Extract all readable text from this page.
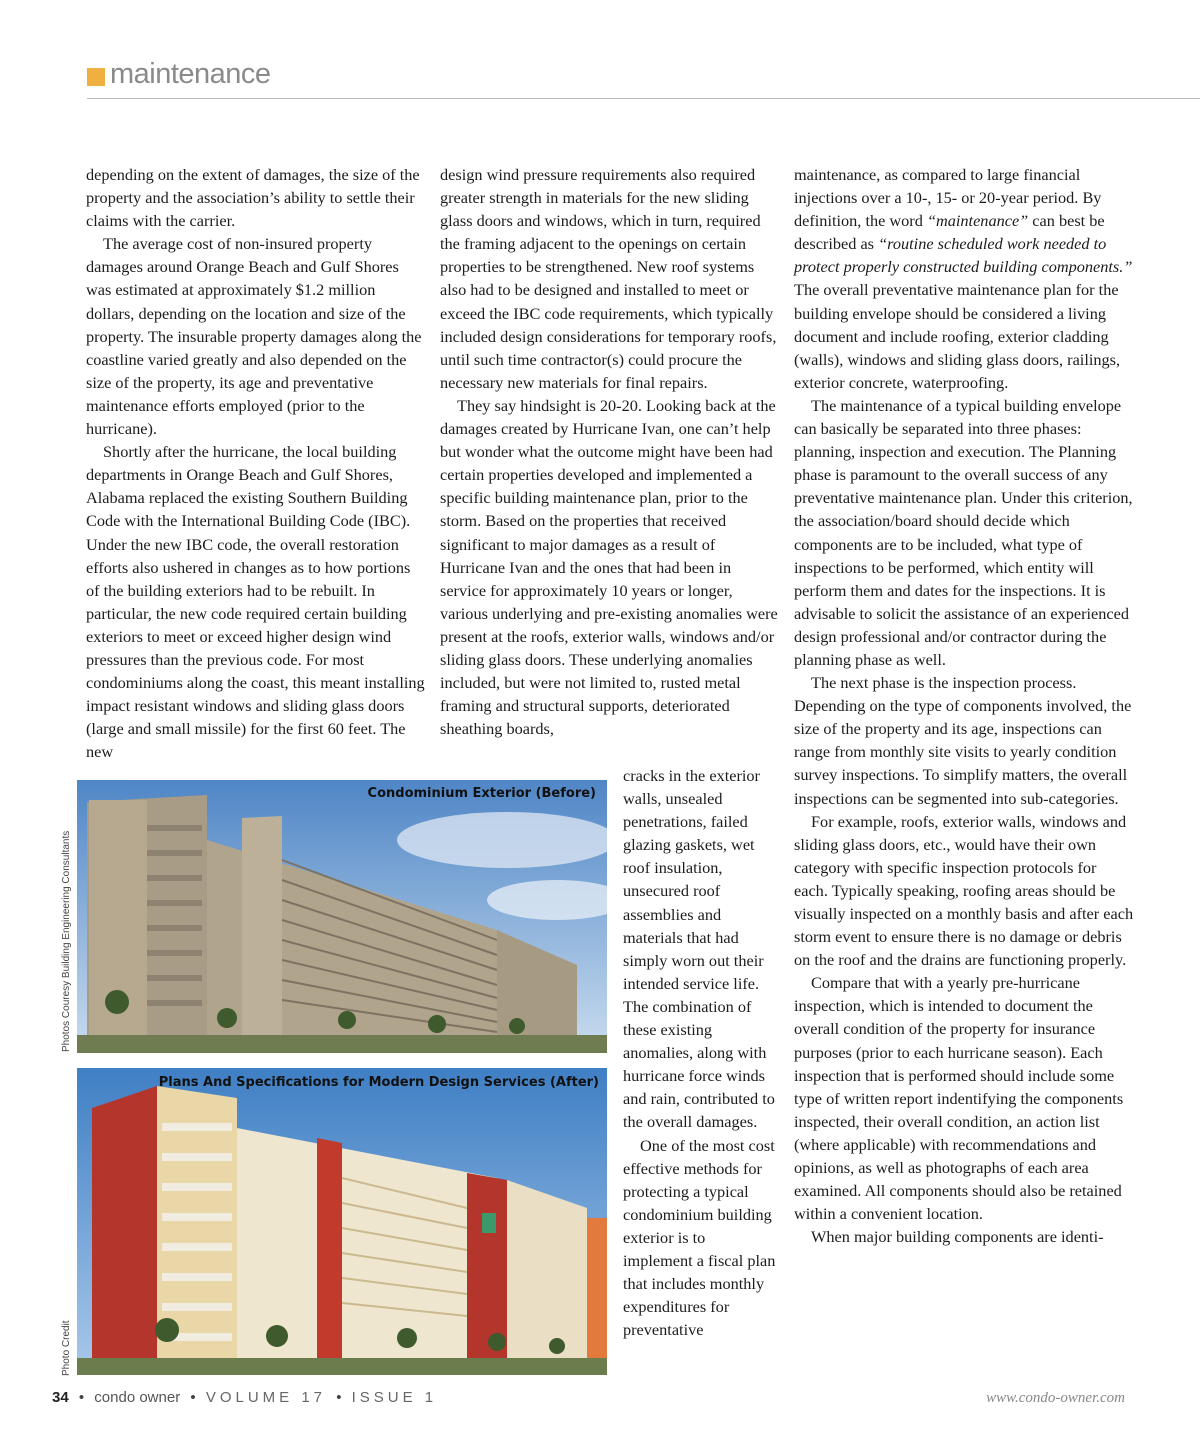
maintenance

depending on the extent of damages, the size of the property and the association’s ability to settle their claims with the carrier.

The average cost of non-insured property damages around Orange Beach and Gulf Shores was estimated at approximately $1.2 million dollars, depending on the location and size of the property. The insurable property damages along the coastline varied greatly and also depended on the size of the property, its age and preventative maintenance efforts employed (prior to the hurricane).

Shortly after the hurricane, the local building departments in Orange Beach and Gulf Shores, Alabama replaced the existing Southern Building Code with the International Building Code (IBC). Under the new IBC code, the overall restoration efforts also ushered in changes as to how portions of the building exteriors had to be rebuilt. In particular, the new code required certain building exteriors to meet or exceed higher design wind pressures than the previous code. For most condominiums along the coast, this meant installing impact resistant windows and sliding glass doors (large and small missile) for the first 60 feet. The new

design wind pressure requirements also required greater strength in materials for the new sliding glass doors and windows, which in turn, required the framing adjacent to the openings on certain properties to be strengthened. New roof systems also had to be designed and installed to meet or exceed the IBC code requirements, which typically included design considerations for temporary roofs, until such time contractor(s) could procure the necessary new materials for final repairs.

They say hindsight is 20-20. Looking back at the damages created by Hurricane Ivan, one can’t help but wonder what the outcome might have been had certain properties developed and implemented a specific building maintenance plan, prior to the storm. Based on the properties that received significant to major damages as a result of Hurricane Ivan and the ones that had been in service for approximately 10 years or longer, various underlying and pre-existing anomalies were present at the roofs, exterior walls, windows and/or sliding glass doors. These underlying anomalies included, but were not limited to, rusted metal framing and structural supports, deteriorated sheathing boards,

cracks in the exterior walls, unsealed penetrations, failed glazing gaskets, wet roof insulation, unsecured roof assemblies and materials that had simply worn out their intended service life. The combination of these existing anomalies, along with hurricane force winds and rain, contributed to the overall damages.

One of the most cost effective methods for protecting a typical condominium building exterior is to implement a fiscal plan that includes monthly expenditures for preventative

maintenance, as compared to large financial injections over a 10-, 15- or 20-year period. By definition, the word “maintenance” can best be described as “routine scheduled work needed to protect properly constructed building components.” The overall preventative maintenance plan for the building envelope should be considered a living document and include roofing, exterior cladding (walls), windows and sliding glass doors, railings, exterior concrete, waterproofing.

The maintenance of a typical building envelope can basically be separated into three phases: planning, inspection and execution. The Planning phase is paramount to the overall success of any preventative maintenance plan. Under this criterion, the association/board should decide which components are to be included, what type of inspections to be performed, which entity will perform them and dates for the inspections. It is advisable to solicit the assistance of an experienced design professional and/or contractor during the planning phase as well.

The next phase is the inspection process. Depending on the type of components involved, the size of the property and its age, inspections can range from monthly site visits to yearly condition survey inspections. To simplify matters, the overall inspections can be segmented into sub-categories.

For example, roofs, exterior walls, windows and sliding glass doors, etc., would have their own category with specific inspection protocols for each. Typically speaking, roofing areas should be visually inspected on a monthly basis and after each storm event to ensure there is no damage or debris on the roof and the drains are functioning properly.

Compare that with a yearly pre-hurricane inspection, which is intended to document the overall condition of the property for insurance purposes (prior to each hurricane season). Each inspection that is performed should include some type of written report indentifying the components inspected, their overall condition, an action list (where applicable) with recommendations and opinions, as well as photographs of each area examined. All components should also be retained within a convenient location.

When major building components are identi-

Condominium Exterior (Before)
Plans And Specifications for Modern Design Services (After)
Photos Couresy Building Engineering Consultants
Photo Credit
34 • condo owner • VOLUME 17 • ISSUE 1	www.condo-owner.com
